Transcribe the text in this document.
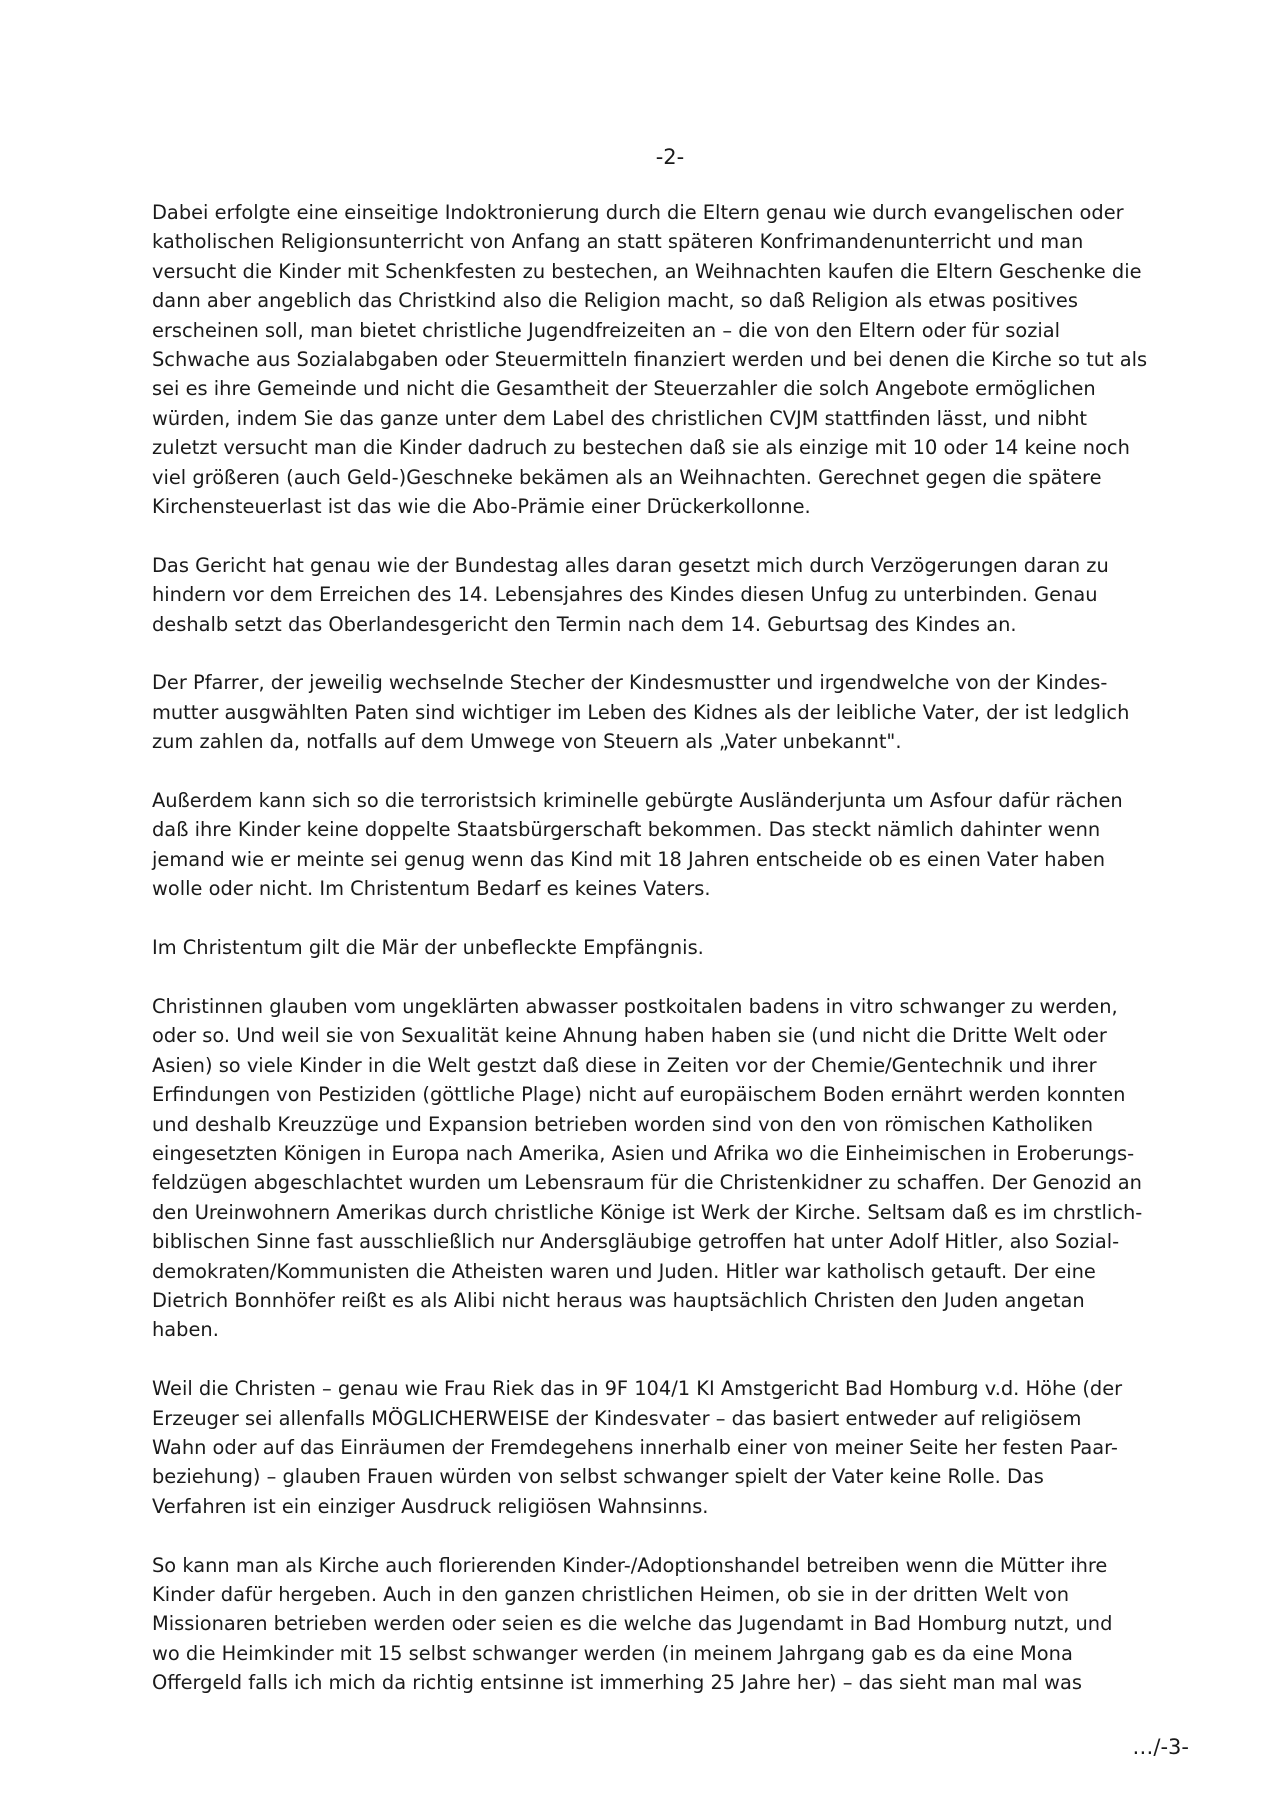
-2-

Dabei erfolgte eine einseitige Indoktronierung durch die Eltern genau wie durch evangelischen oder
katholischen Religionsunterricht von Anfang an statt späteren Konfrimandenunterricht und man
versucht die Kinder mit Schenkfesten zu bestechen, an Weihnachten kaufen die Eltern Geschenke die
dann aber angeblich das Christkind also die Religion macht, so daß Religion als etwas positives
erscheinen soll, man bietet christliche Jugendfreizeiten an – die von den Eltern oder für sozial
Schwache aus Sozialabgaben oder Steuermitteln finanziert werden und bei denen die Kirche so tut als
sei es ihre Gemeinde und nicht die Gesamtheit der Steuerzahler die solch Angebote ermöglichen
würden, indem Sie das ganze unter dem Label des christlichen CVJM stattfinden lässt, und nibht
zuletzt versucht man die Kinder dadruch zu bestechen daß sie als einzige mit 10 oder 14 keine noch
viel größeren (auch Geld-)Geschneke bekämen als an Weihnachten. Gerechnet gegen die spätere
Kirchensteuerlast ist das wie die Abo-Prämie einer Drückerkollonne.

Das Gericht hat genau wie der Bundestag alles daran gesetzt mich durch Verzögerungen daran zu
hindern vor dem Erreichen des 14. Lebensjahres des Kindes diesen Unfug zu unterbinden. Genau
deshalb setzt das Oberlandesgericht den Termin nach dem 14. Geburtsag des Kindes an.

Der Pfarrer, der jeweilig wechselnde Stecher der Kindesmustter und irgendwelche von der Kindes-
mutter ausgwählten Paten sind wichtiger im Leben des Kidnes als der leibliche Vater, der ist ledglich
zum zahlen da, notfalls auf dem Umwege von Steuern als „Vater unbekannt".

Außerdem kann sich so die terroristsich kriminelle gebürgte Ausländerjunta um Asfour dafür rächen
daß ihre Kinder keine doppelte Staatsbürgerschaft bekommen. Das steckt nämlich dahinter wenn
jemand wie er meinte sei genug wenn das Kind mit 18 Jahren entscheide ob es einen Vater haben
wolle oder nicht. Im Christentum Bedarf es keines Vaters.

Im Christentum gilt die Mär der unbefleckte Empfängnis.

Christinnen glauben vom ungeklärten abwasser postkoitalen badens in vitro schwanger zu werden,
oder so. Und weil sie von Sexualität keine Ahnung haben haben sie (und nicht die Dritte Welt oder
Asien) so viele Kinder in die Welt gestzt daß diese in Zeiten vor der Chemie/Gentechnik und ihrer
Erfindungen von Pestiziden (göttliche Plage) nicht auf europäischem Boden ernährt werden konnten
und deshalb Kreuzzüge und Expansion betrieben worden sind von den von römischen Katholiken
eingesetzten Königen in Europa nach Amerika, Asien und Afrika wo die Einheimischen in Eroberungs-
feldzügen abgeschlachtet wurden um Lebensraum für die Christenkidner zu schaffen. Der Genozid an
den Ureinwohnern Amerikas durch christliche Könige ist Werk der Kirche. Seltsam daß es im chrstlich-
biblischen Sinne fast ausschließlich nur Andersgläubige getroffen hat unter Adolf Hitler, also Sozial-
demokraten/Kommunisten die Atheisten waren und Juden. Hitler war katholisch getauft. Der eine
Dietrich Bonnhöfer reißt es als Alibi nicht heraus was hauptsächlich Christen den Juden angetan
haben.

Weil die Christen – genau wie Frau Riek das in 9F 104/1 KI Amstgericht Bad Homburg v.d. Höhe (der
Erzeuger sei allenfalls MÖGLICHERWEISE der Kindesvater – das basiert entweder auf religiösem
Wahn oder auf das Einräumen der Fremdegehens innerhalb einer von meiner Seite her festen Paar-
beziehung) – glauben Frauen würden von selbst schwanger spielt der Vater keine Rolle. Das
Verfahren ist ein einziger Ausdruck religiösen Wahnsinns.

So kann man als Kirche auch florierenden Kinder-/Adoptionshandel betreiben wenn die Mütter ihre
Kinder dafür hergeben. Auch in den ganzen christlichen Heimen, ob sie in der dritten Welt von
Missionaren betrieben werden oder seien es die welche das Jugendamt in Bad Homburg nutzt, und
wo die Heimkinder mit 15 selbst schwanger werden (in meinem Jahrgang gab es da eine Mona
Offergeld falls ich mich da richtig entsinne ist immerhing 25 Jahre her) – das sieht man mal was

…/-3-
